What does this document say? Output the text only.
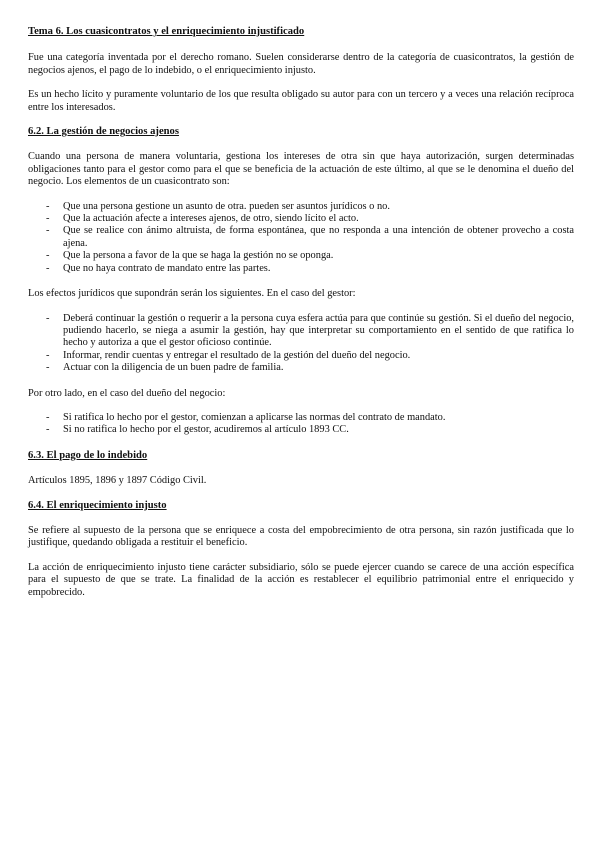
Tema 6. Los cuasicontratos y el enriquecimiento injustificado

Fue una categoría inventada por el derecho romano. Suelen considerarse dentro de la categoría de cuasicontratos, la gestión de negocios ajenos, el pago de lo indebido, o el enriquecimiento injusto.

Es un hecho lícito y puramente voluntario de los que resulta obligado su autor para con un tercero y a veces una relación recíproca entre los interesados.

6.2. La gestión de negocios ajenos

Cuando una persona de manera voluntaria, gestiona los intereses de otra sin que haya autorización, surgen determinadas obligaciones tanto para el gestor como para el que se beneficia de la actuación de este último, al que se le denomina el dueño del negocio. Los elementos de un cuasicontrato son:

- Que una persona gestione un asunto de otra. pueden ser asuntos jurídicos o no.
- Que la actuación afecte a intereses ajenos, de otro, siendo lícito el acto.
- Que se realice con ánimo altruista, de forma espontánea, que no responda a una intención de obtener provecho a costa ajena.
- Que la persona a favor de la que se haga la gestión no se oponga.
- Que no haya contrato de mandato entre las partes.

Los efectos jurídicos que supondrán serán los siguientes. En el caso del gestor:

- Deberá continuar la gestión o requerir a la persona cuya esfera actúa para que continúe su gestión. Si el dueño del negocio, pudiendo hacerlo, se niega a asumir la gestión, hay que interpretar su comportamiento en el sentido de que ratifica lo hecho y autoriza a que el gestor oficioso continúe.
- Informar, rendir cuentas y entregar el resultado de la gestión del dueño del negocio.
- Actuar con la diligencia de un buen padre de familia.

Por otro lado, en el caso del dueño del negocio:

- Si ratifica lo hecho por el gestor, comienzan a aplicarse las normas del contrato de mandato.
- Si no ratifica lo hecho por el gestor, acudiremos al artículo 1893 CC.
6.3. El pago de lo indebido

Artículos 1895, 1896 y 1897 Código Civil.

6.4. El enriquecimiento injusto

Se refiere al supuesto de la persona que se enriquece a costa del empobrecimiento de otra persona, sin razón justificada que lo justifique, quedando obligada a restituir el beneficio.

La acción de enriquecimiento injusto tiene carácter subsidiario, sólo se puede ejercer cuando se carece de una acción específica para el supuesto de que se trate. La finalidad de la acción es restablecer el equilibrio patrimonial entre el enriquecido y empobrecido.
